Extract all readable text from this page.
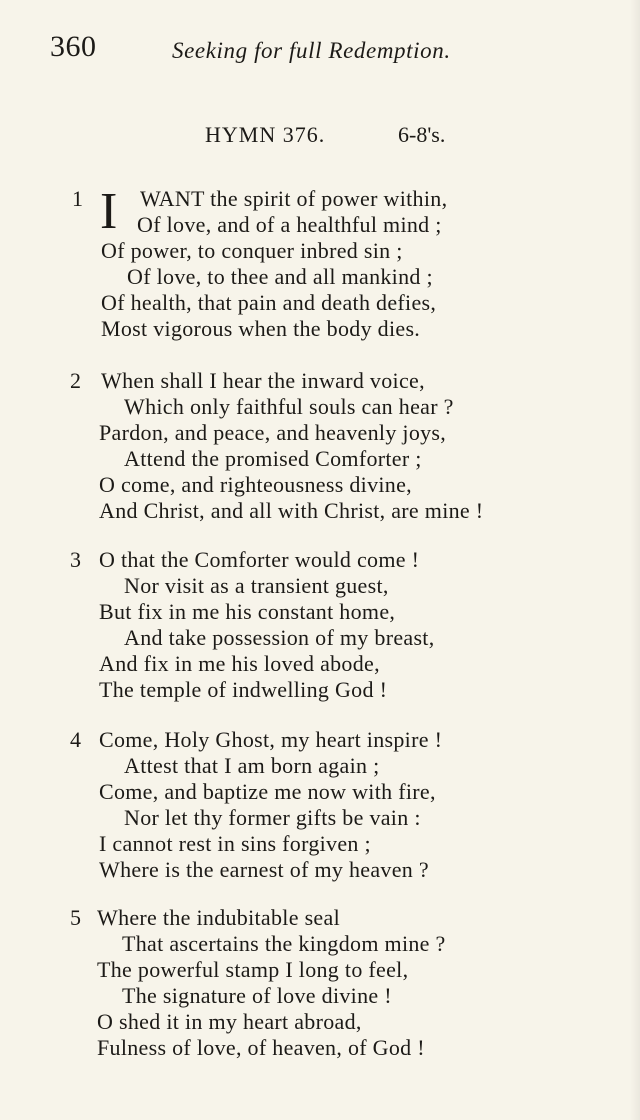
360	Seeking for full Redemption.
HYMN 376.	6-8's.
1 I WANT the spirit of power within,
Of love, and of a healthful mind ;
Of power, to conquer inbred sin ;
Of love, to thee and all mankind ;
Of health, that pain and death defies,
Most vigorous when the body dies.
2 When shall I hear the inward voice,
Which only faithful souls can hear ?
Pardon, and peace, and heavenly joys,
Attend the promised Comforter ;
O come, and righteousness divine,
And Christ, and all with Christ, are mine !
3 O that the Comforter would come !
Nor visit as a transient guest,
But fix in me his constant home,
And take possession of my breast,
And fix in me his loved abode,
The temple of indwelling God !
4 Come, Holy Ghost, my heart inspire !
Attest that I am born again ;
Come, and baptize me now with fire,
Nor let thy former gifts be vain :
I cannot rest in sins forgiven ;
Where is the earnest of my heaven ?
5 Where the indubitable seal
That ascertains the kingdom mine ?
The powerful stamp I long to feel,
The signature of love divine !
O shed it in my heart abroad,
Fulness of love, of heaven, of God !
